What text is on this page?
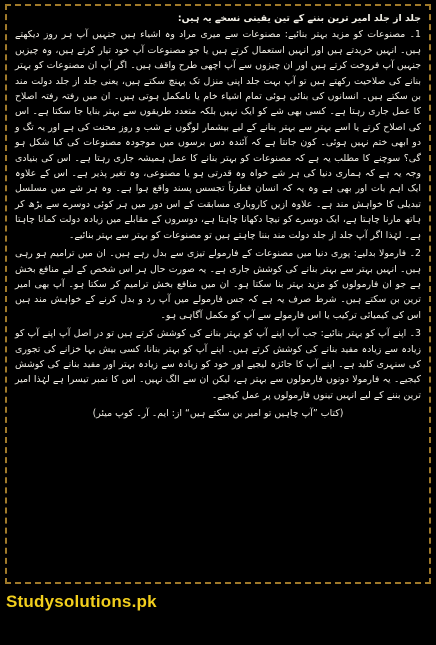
جلد از جلد امیر ترین بننے کے تین یقینی نسخے یہ ہیں:

1۔ مصنوعات کو مزید بہتر بنائیے: مصنوعات سے میری مراد وہ اشیاء ہیں جنہیں آپ ہر روز دیکھتے ہیں۔ انہیں خریدتے ہیں اور انہیں استعمال کرتے ہیں یا جو مصنوعات آپ خود تیار کرتے ہیں، وہ چیزیں جنہیں آپ فروخت کرتے ہیں اور ان چیزوں سے آپ اچھی طرح واقف ہیں۔ اگر آپ ان مصنوعات کو بہتر بنانے کی صلاحیت رکھتے ہیں تو آپ بہت جلد اپنی منزل تک پہنچ سکتے ہیں، یعنی جلد از جلد دولت مند بن سکتے ہیں۔ انسانوں کی بنائی ہوئی تمام اشیاء خام یا نامکمل ہوتی ہیں۔ ان میں رفتہ رفتہ اصلاح کا عمل جاری رہتا ہے۔ کسی بھی شے کو ایک نہیں بلکہ متعدد طریقوں سے بہتر بنایا جا سکتا ہے۔ اس کی اصلاح کرتے یا اسے بہتر سے بہتر بنانے کے لیے بیشمار لوگوں نے شب و روز محنت کی ہے اور یہ تگ و دو ابھی ختم نہیں ہوئی۔ کون جانتا ہے کہ آئندہ دس برسوں میں موجودہ مصنوعات کی کیا شکل ہو گی؟ سوچنے کا مطلب یہ ہے کہ مصنوعات کو بہتر بنانے کا عمل ہمیشہ جاری رہتا ہے۔ اس کی بنیادی وجہ یہ ہے کہ ہماری دنیا کی ہر شے خواہ وہ قدرتی ہو یا مصنوعی، وہ تغیر پذیر ہے۔ اس کے علاوہ ایک اہم بات اور بھی ہے وہ یہ کہ انسان فطرتاً تجسس پسند واقع ہوا ہے۔ وہ ہر شے میں مسلسل تبدیلی کا خواہش مند ہے۔ علاوہ ازیں کاروباری مسابقت کے اس دور میں ہر کوئی دوسرے سے بڑھ کر ہاتھ مارنا چاہتا ہے، ایک دوسرے کو نیچا دکھانا چاہتا ہے، دوسروں کے مقابلے میں زیادہ دولت کمانا چاہتا ہے۔ لہٰذا اگر آپ جلد از جلد دولت مند بننا چاہتے ہیں تو مصنوعات کو بہتر سے بہتر بنائیے۔

2۔ فارمولا بدلیے: پوری دنیا میں مصنوعات کے فارمولے تیزی سے بدل رہے ہیں۔ ان میں ترامیم ہو رہی ہیں۔ انہیں بہتر سے بہتر بنانے کی کوشش جاری ہے۔ یہ صورت حال ہر اس شخص کے لیے منافع بخش ہے جو ان فارمولوں کو مزید بہتر بنا سکتا ہو۔ ان میں منافع بخش ترامیم کر سکتا ہو۔ آپ بھی امیر ترین بن سکتے ہیں۔ شرط صرف یہ ہے کہ جس فارمولے میں آپ رد و بدل کرنے کے خواہش مند ہیں اس کی کیمیائی ترکیب یا اس فارمولے سے آپ کو مکمل آگاہی ہو۔

3۔ اپنے آپ کو بہتر بنائیے: جب آپ اپنے آپ کو بہتر بنانے کی کوشش کرتے ہیں تو در اصل آپ اپنے آپ کو زیادہ سے زیادہ مفید بنانے کی کوشش کرتے ہیں۔ اپنے آپ کو بہتر بنانا، کسی بیش بہا خزانے کی تجوری کی سنہری کلید ہے۔ اپنے آپ کا جائزہ لیجیے اور خود کو زیادہ سے زیادہ بہتر اور مفید بنانے کی کوشش کیجیے۔ یہ فارمولا دونوں فارمولوں سے بہتر ہے، لیکن ان سے الگ نہیں۔ اس کا نمبر تیسرا ہے لہٰذا امیر ترین بننے کے لیے انہیں تینوں فارمولوں پر عمل کیجیے۔

(کتاب ”آپ چاہیں تو امیر بن سکتے ہیں“ از: ایم۔ آر۔ کوپ میئر)

Studysolutions.pk
